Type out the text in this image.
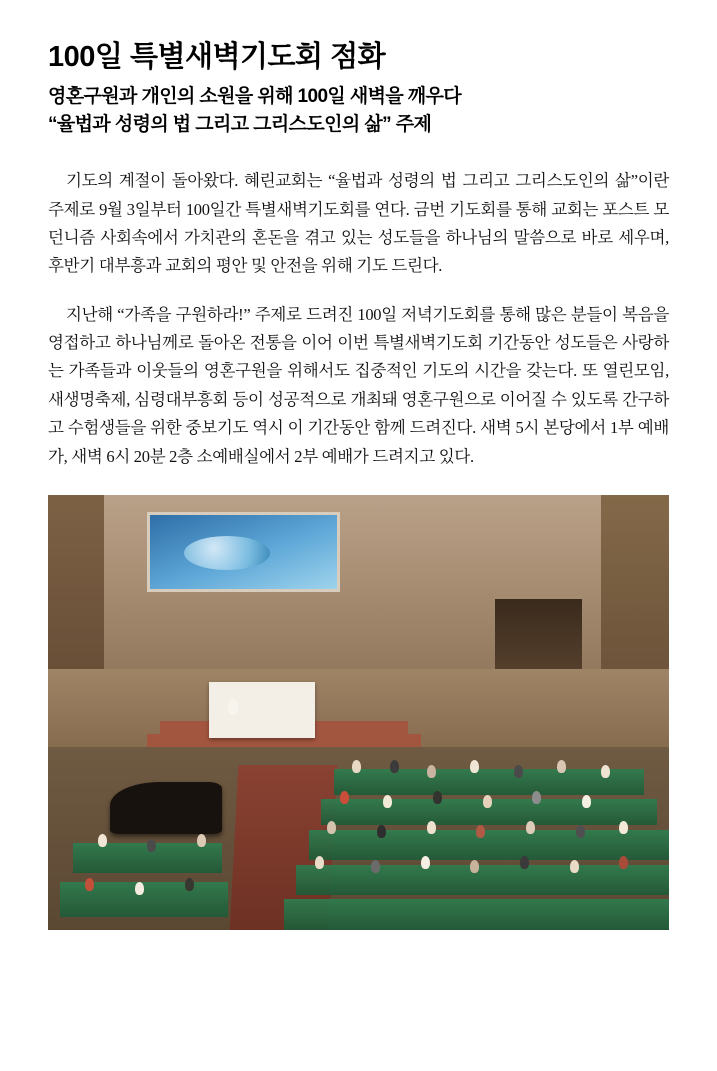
100일 특별새벽기도회 점화
영혼구원과 개인의 소원을 위해 100일 새벽을 깨우다
“율법과 성령의 법 그리고 그리스도인의 삶” 주제

기도의 계절이 돌아왔다. 혜린교회는 “율법과 성령의 법 그리고 그리스도인의 삶”이란 주제로 9월 3일부터 100일간 특별새벽기도회를 연다. 금번 기도회를 통해 교회는 포스트 모던니즘 사회속에서 가치관의 혼돈을 겪고 있는 성도들을 하나님의 말씀으로 바로 세우며, 후반기 대부흥과 교회의 평안 및 안전을 위해 기도 드린다.

지난해 “가족을 구원하라!” 주제로 드려진 100일 저녁기도회를 통해 많은 분들이 복음을 영접하고 하나님께로 돌아온 전통을 이어 이번 특별새벽기도회 기간동안 성도들은 사랑하는 가족들과 이웃들의 영혼구원을 위해서도 집중적인 기도의 시간을 갖는다. 또 열린모임, 새생명축제, 심령대부흥회 등이 성공적으로 개최돼 영혼구원으로 이어질 수 있도록 간구하고 수험생들을 위한 중보기도 역시 이 기간동안 함께 드려진다. 새벽 5시 본당에서 1부 예배가, 새벽 6시 20분 2층 소예배실에서 2부 예배가 드려지고 있다.
